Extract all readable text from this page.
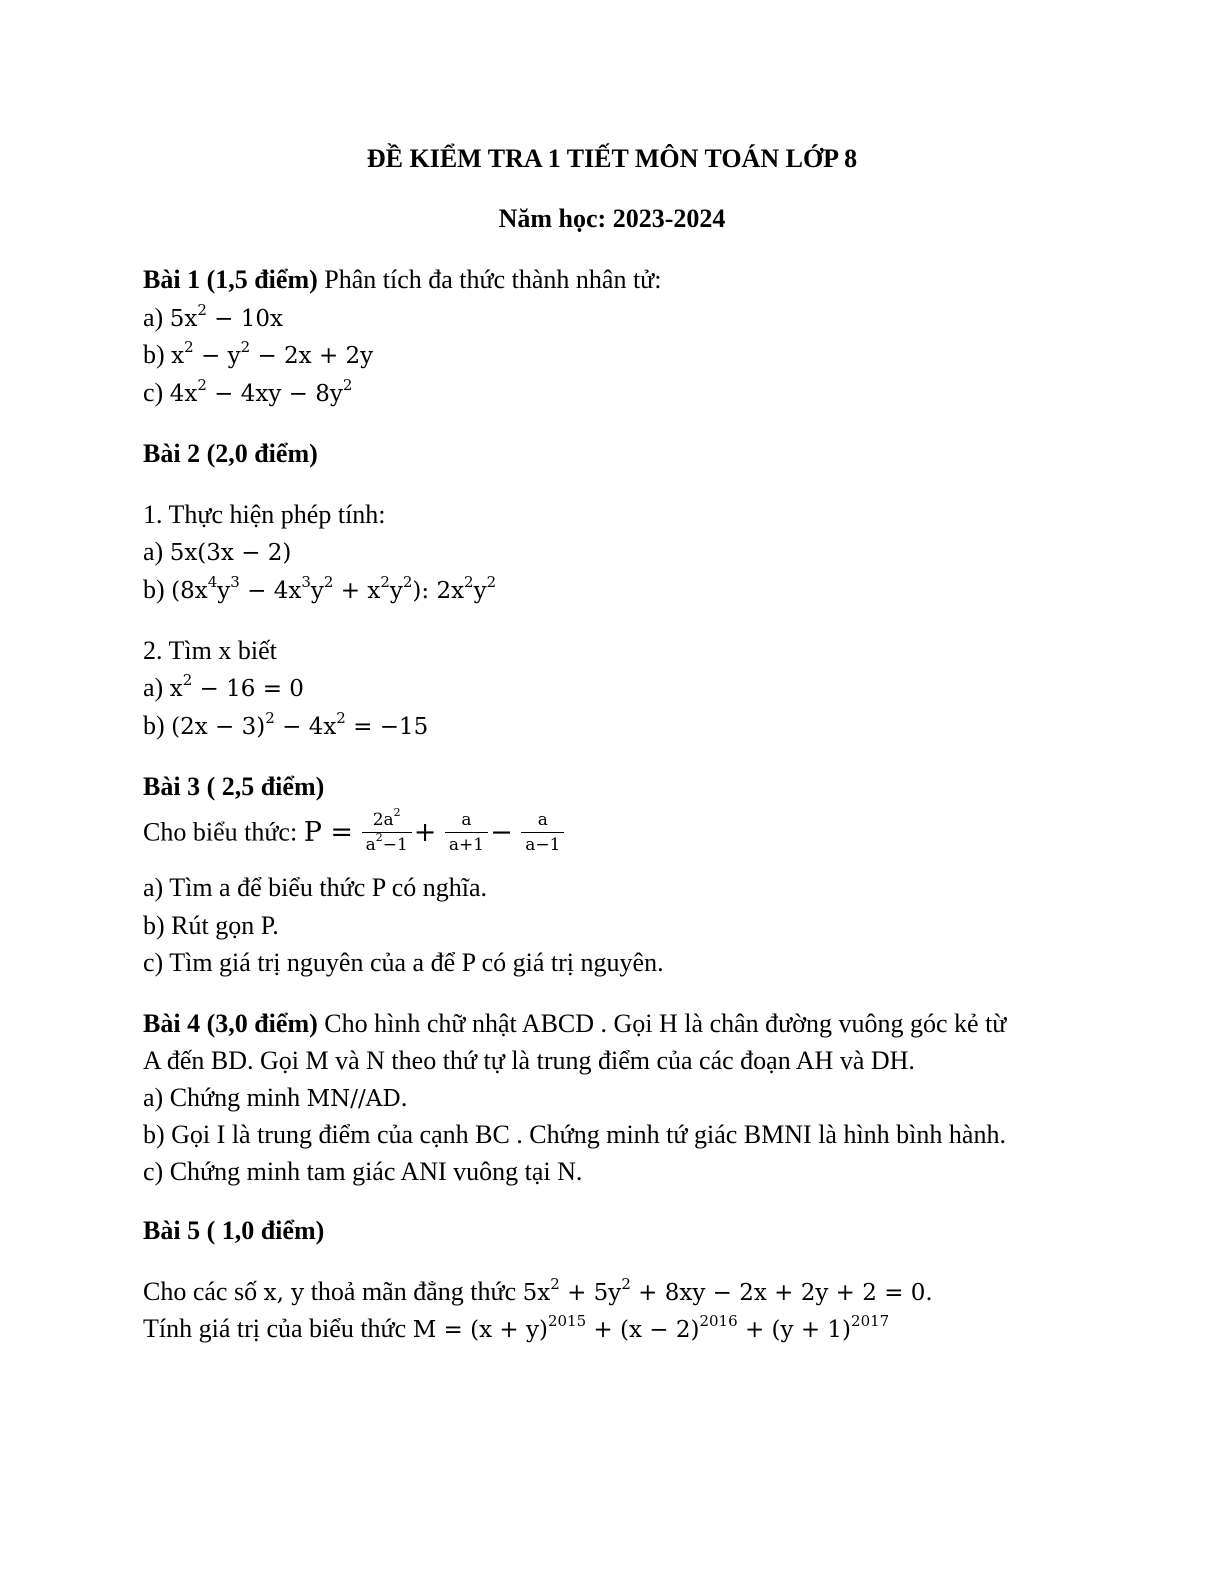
ĐỀ KIỂM TRA 1 TIẾT MÔN TOÁN LỚP 8
Năm học: 2023-2024
Bài 1 (1,5 điểm) Phân tích đa thức thành nhân tử:
a) $5x^2 - 10x$
b) $x^2 - y^2 - 2x + 2y$
c) $4x^2 - 4xy - 8y^2$
Bài 2 (2,0 điểm)
1. Thực hiện phép tính:
a) 5x(3x − 2)
b) $(8x^4y^3 - 4x^3y^2 + x^2y^2)$: $2x^2y^2$
2. Tìm x biết
a) $x^2 - 16 = 0$
b) $(2x - 3)^2 - 4x^2 = -15$
Bài 3 ( 2,5 điểm)
Cho biểu thức: $P = \frac{2a^2}{a^2-1} + \frac{a}{a+1} - \frac{a}{a-1}$
a) Tìm a để biểu thức P có nghĩa.
b) Rút gọn P.
c) Tìm giá trị nguyên của a để P có giá trị nguyên.
Bài 4 (3,0 điểm) Cho hình chữ nhật ABCD . Gọi H là chân đường vuông góc kẻ từ
A đến BD. Gọi M và N theo thứ tự là trung điểm của các đoạn AH và DH.
a) Chứng minh MN//AD.
b) Gọi I là trung điểm của cạnh BC . Chứng minh tứ giác BMNI là hình bình hành.
c) Chứng minh tam giác ANI vuông tại N.
Bài 5 ( 1,0 điểm)
Cho các số x, y thoả mãn đẳng thức $5x^2 + 5y^2 + 8xy - 2x + 2y + 2 = 0$.
Tính giá trị của biểu thức $M = (x + y)^{2015} + (x - 2)^{2016} + (y + 1)^{2017}$
